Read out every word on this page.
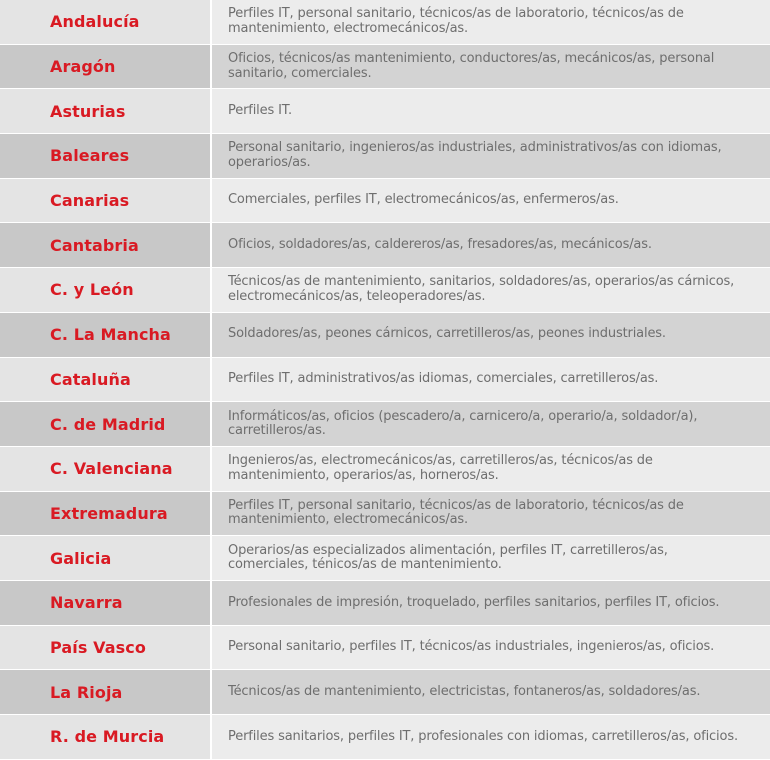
Andalucía	Perfiles IT, personal sanitario, técnicos/as de laboratorio, técnicos/as de mantenimiento, electromecánicos/as.
Aragón	Oficios, técnicos/as mantenimiento, conductores/as, mecánicos/as, personal sanitario, comerciales.
Asturias	Perfiles IT.
Baleares	Personal sanitario, ingenieros/as industriales, administrativos/as con idiomas, operarios/as.
Canarias	Comerciales, perfiles IT, electromecánicos/as, enfermeros/as.
Cantabria	Oficios, soldadores/as, caldereros/as, fresadores/as, mecánicos/as.
C. y León	Técnicos/as de mantenimiento, sanitarios, soldadores/as, operarios/as cárnicos, electromecánicos/as, teleoperadores/as.
C. La Mancha	Soldadores/as, peones cárnicos, carretilleros/as, peones industriales.
Cataluña	Perfiles IT, administrativos/as idiomas, comerciales, carretilleros/as.
C. de Madrid	Informáticos/as, oficios (pescadero/a, carnicero/a, operario/a, soldador/a), carretilleros/as.
C. Valenciana	Ingenieros/as, electromecánicos/as, carretilleros/as, técnicos/as de mantenimiento, operarios/as, horneros/as.
Extremadura	Perfiles IT, personal sanitario, técnicos/as de laboratorio, técnicos/as de mantenimiento, electromecánicos/as.
Galicia	Operarios/as especializados alimentación, perfiles IT, carretilleros/as, comerciales, ténicos/as de mantenimiento.
Navarra	Profesionales de impresión, troquelado, perfiles sanitarios, perfiles IT, oficios.
País Vasco	Personal sanitario, perfiles IT, técnicos/as industriales, ingenieros/as, oficios.
La Rioja	Técnicos/as de mantenimiento, electricistas, fontaneros/as, soldadores/as.
R. de Murcia	Perfiles sanitarios, perfiles IT, profesionales con idiomas, carretilleros/as, oficios.
